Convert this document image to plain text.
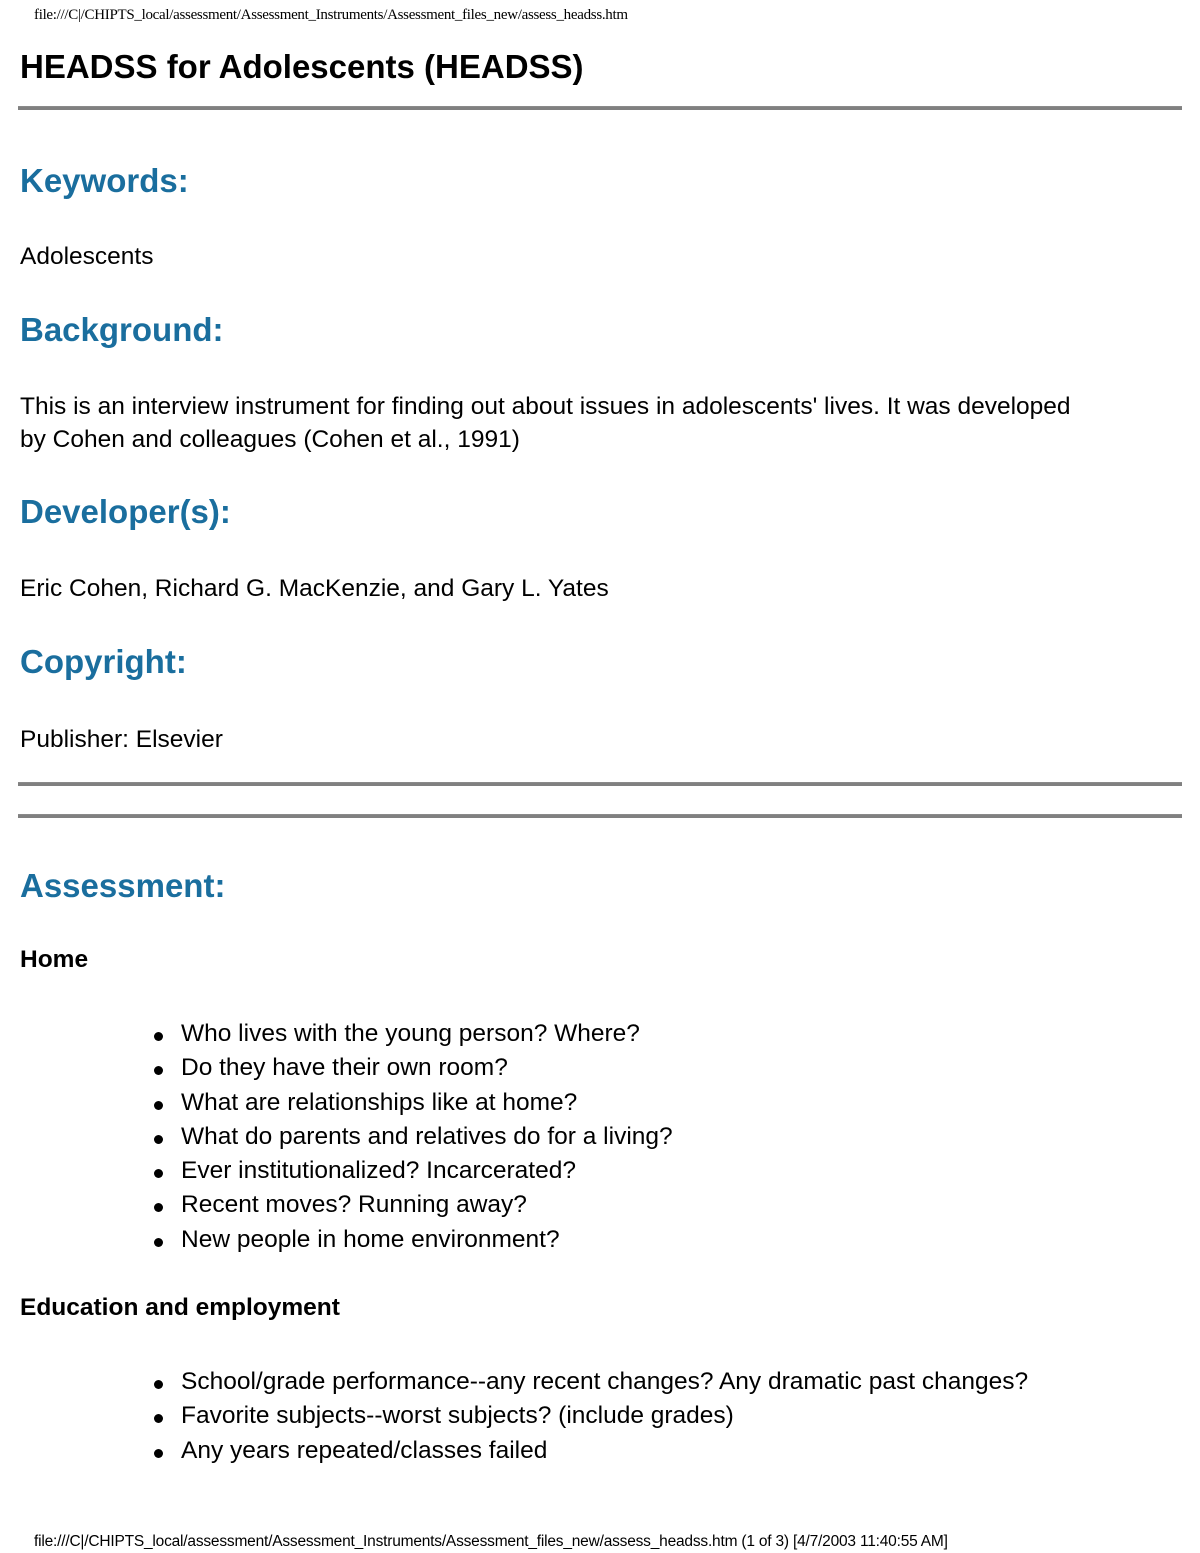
file:///C|/CHIPTS_local/assessment/Assessment_Instruments/Assessment_files_new/assess_headss.htm
HEADSS for Adolescents (HEADSS)
Keywords:

Adolescents

Background:

This is an interview instrument for finding out about issues in adolescents' lives. It was developed by Cohen and colleagues (Cohen et al., 1991)

Developer(s):

Eric Cohen, Richard G. MacKenzie, and Gary L. Yates

Copyright:

Publisher: Elsevier

Assessment:
Home
Who lives with the young person? Where?
Do they have their own room?
What are relationships like at home?
What do parents and relatives do for a living?
Ever institutionalized? Incarcerated?
Recent moves? Running away?
New people in home environment?
Education and employment
School/grade performance--any recent changes? Any dramatic past changes?
Favorite subjects--worst subjects? (include grades)
Any years repeated/classes failed
file:///C|/CHIPTS_local/assessment/Assessment_Instruments/Assessment_files_new/assess_headss.htm (1 of 3) [4/7/2003 11:40:55 AM]
